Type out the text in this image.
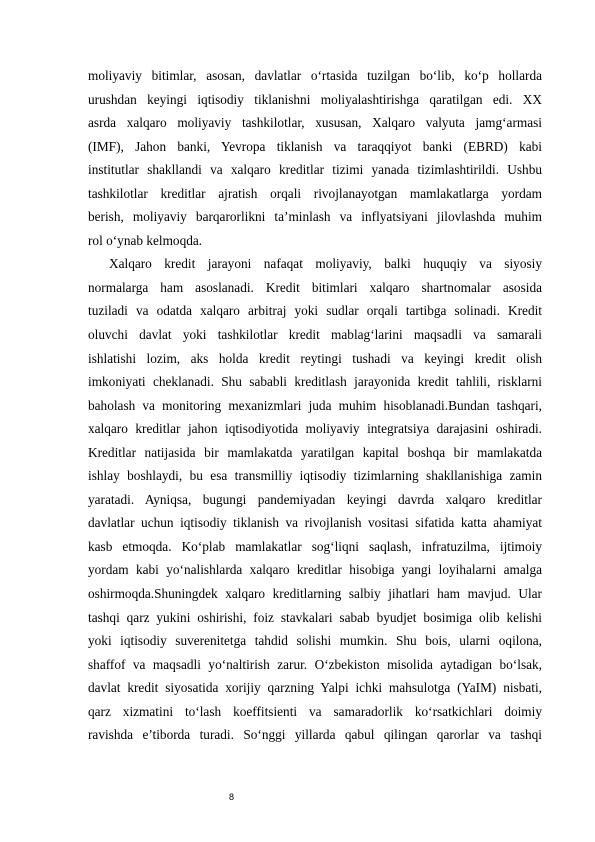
moliyaviy bitimlar, asosan, davlatlar o‘rtasida tuzilgan bo‘lib, ko‘p hollarda
urushdan keyingi iqtisodiy tiklanishni moliyalashtirishga qaratilgan edi. XX
asrda xalqaro moliyaviy tashkilotlar, xususan, Xalqaro valyuta jamg‘armasi
(IMF), Jahon banki, Yevropa tiklanish va taraqqiyot banki (EBRD) kabi
institutlar shakllandi va xalqaro kreditlar tizimi yanada tizimlashtirildi. Ushbu
tashkilotlar kreditlar ajratish orqali rivojlanayotgan mamlakatlarga yordam
berish, moliyaviy barqarorlikni ta’minlash va inflyatsiyani jilovlashda muhim
rol o‘ynab kelmoqda.
Xalqaro kredit jarayoni nafaqat moliyaviy, balki huquqiy va siyosiy
normalarga ham asoslanadi. Kredit bitimlari xalqaro shartnomalar asosida
tuziladi va odatda xalqaro arbitraj yoki sudlar orqali tartibga solinadi. Kredit
oluvchi davlat yoki tashkilotlar kredit mablag‘larini maqsadli va samarali
ishlatishi lozim, aks holda kredit reytingi tushadi va keyingi kredit olish
imkoniyati cheklanadi. Shu sababli kreditlash jarayonida kredit tahlili, risklarni
baholash va monitoring mexanizmlari juda muhim hisoblanadi.Bundan tashqari,
xalqaro kreditlar jahon iqtisodiyotida moliyaviy integratsiya darajasini oshiradi.
Kreditlar natijasida bir mamlakatda yaratilgan kapital boshqa bir mamlakatda
ishlay boshlaydi, bu esa transmilliy iqtisodiy tizimlarning shakllanishiga zamin
yaratadi. Ayniqsa, bugungi pandemiyadan keyingi davrda xalqaro kreditlar
davlatlar uchun iqtisodiy tiklanish va rivojlanish vositasi sifatida katta ahamiyat
kasb etmoqda. Ko‘plab mamlakatlar sog‘liqni saqlash, infratuzilma, ijtimoiy
yordam kabi yo‘nalishlarda xalqaro kreditlar hisobiga yangi loyihalarni amalga
oshirmoqda.Shuningdek xalqaro kreditlarning salbiy jihatlari ham mavjud. Ular
tashqi qarz yukini oshirishi, foiz stavkalari sabab byudjet bosimiga olib kelishi
yoki iqtisodiy suverenitetga tahdid solishi mumkin. Shu bois, ularni oqilona,
shaffof va maqsadli yo‘naltirish zarur. O‘zbekiston misolida aytadigan bo‘lsak,
davlat kredit siyosatida xorijiy qarzning Yalpi ichki mahsulotga (YaIM) nisbati,
qarz xizmatini to‘lash koeffitsienti va samaradorlik ko‘rsatkichlari doimiy
ravishda e’tiborda turadi. So‘nggi yillarda qabul qilingan qarorlar va tashqi
8
